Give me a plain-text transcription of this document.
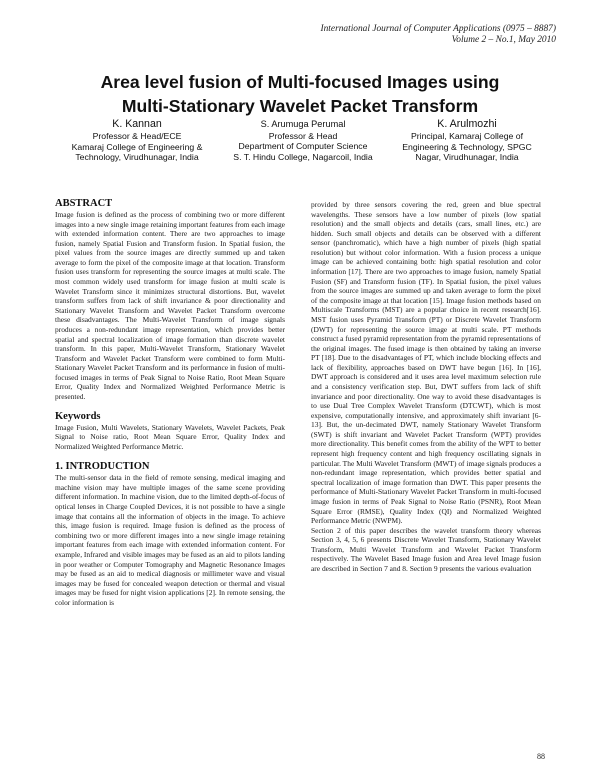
International Journal of Computer Applications (0975 – 8887)
Volume 2 – No.1, May 2010
Area level fusion of Multi-focused Images using
Multi-Stationary Wavelet Packet Transform
K. Kannan
Professor & Head/ECE
Kamaraj College of Engineering &
Technology, Virudhunagar, India
S. Arumuga Perumal
Professor & Head
Department of Computer Science
S. T. Hindu College, Nagarcoil, India
K. Arulmozhi
Principal, Kamaraj College of
Engineering & Technology, SPGC
Nagar, Virudhunagar, India
ABSTRACT

Image fusion is defined as the process of combining two or more different images into a new single image retaining important features from each image with extended information content. There are two approaches to image fusion, namely Spatial Fusion and Transform fusion. In Spatial fusion, the pixel values from the source images are directly summed up and taken average to form the pixel of the composite image at that location. Transform fusion uses transform for representing the source images at multi scale. The most common widely used transform for image fusion at multi scale is Wavelet Transform since it minimizes structural distortions. But, wavelet transform suffers from lack of shift invariance & poor directionality and Stationary Wavelet Transform and Wavelet Packet Transform overcome these disadvantages. The Multi-Wavelet Transform of image signals produces a non-redundant image representation, which provides better spatial and spectral localization of image formation than discrete wavelet transform. In this paper, Multi-Wavelet Transform, Stationary Wavelet Transform and Wavelet Packet Transform were combined to form Multi-Stationary Wavelet Packet Transform and its performance in fusion of multi-focused images in terms of Peak Signal to Noise Ratio, Root Mean Square Error, Quality Index and Normalized Weighted Performance Metric is presented.

Keywords

Image Fusion, Multi Wavelets, Stationary Wavelets, Wavelet Packets, Peak Signal to Noise ratio, Root Mean Square Error, Quality Index and Normalized Weighted Performance Metric.

1. INTRODUCTION

The multi-sensor data in the field of remote sensing, medical imaging and machine vision may have multiple images of the same scene providing different information. In machine vision, due to the limited depth-of-focus of optical lenses in Charge Coupled Devices, it is not possible to have a single image that contains all the information of objects in the image. To achieve this, image fusion is required. Image fusion is defined as the process of combining two or more different images into a new single image retaining important features from each image with extended information content. For example, Infrared and visible images may be fused as an aid to pilots landing in poor weather or Computer Tomography and Magnetic Resonance Images may be fused as an aid to medical diagnosis or millimeter wave and visual images may be fused for concealed weapon detection or thermal and visual images may be fused for night vision applications [2]. In remote sensing, the color information is

provided by three sensors covering the red, green and blue spectral wavelengths. These sensors have a low number of pixels (low spatial resolution) and the small objects and details (cars, small lines, etc.) are hidden. Such small objects and details can be observed with a different sensor (panchromatic), which have a high number of pixels (high spatial resolution) but without color information. With a fusion process a unique image can be achieved containing both: high spatial resolution and color information [17]. There are two approaches to image fusion, namely Spatial Fusion (SF) and Transform fusion (TF). In Spatial fusion, the pixel values from the source images are summed up and taken average to form the pixel of the composite image at that location [15]. Image fusion methods based on Multiscale Transforms (MST) are a popular choice in recent research[16]. MST fusion uses Pyramid Transform (PT) or Discrete Wavelet Transform (DWT) for representing the source image at multi scale. PT methods construct a fused pyramid representation from the pyramid representations of the original images. The fused image is then obtained by taking an inverse PT [18]. Due to the disadvantages of PT, which include blocking effects and lack of flexibility, approaches based on DWT have begun [16]. In [16], DWT approach is considered and it uses area level maximum selection rule and a consistency verification step. But, DWT suffers from lack of shift invariance and poor directionality. One way to avoid these disadvantages is to use Dual Tree Complex Wavelet Transform (DTCWT), which is most expensive, computationally intensive, and approximately shift invariant [6-13]. But, the un-decimated DWT, namely Stationary Wavelet Transform (SWT) is shift invariant and Wavelet Packet Transform (WPT) provides more directionality. This benefit comes from the ability of the WPT to better represent high frequency content and high frequency oscillating signals in particular. The Multi Wavelet Transform (MWT) of image signals produces a non-redundant image representation, which provides better spatial and spectral localization of image formation than DWT. This paper presents the performance of Multi-Stationary Wavelet Packet Transform in multi-focused image fusion in terms of Peak Signal to Noise Ratio (PSNR), Root Mean Square Error (RMSE), Quality Index (QI) and Normalized Weighted Performance Metric (NWPM).

Section 2 of this paper describes the wavelet transform theory whereas Section 3, 4, 5, 6 presents Discrete Wavelet Transform, Stationary Wavelet Transform, Multi Wavelet Transform and Wavelet Packet Transform respectively. The Wavelet Based Image fusion and Area level Image fusion are described in Section 7 and 8. Section 9 presents the various evaluation

88
